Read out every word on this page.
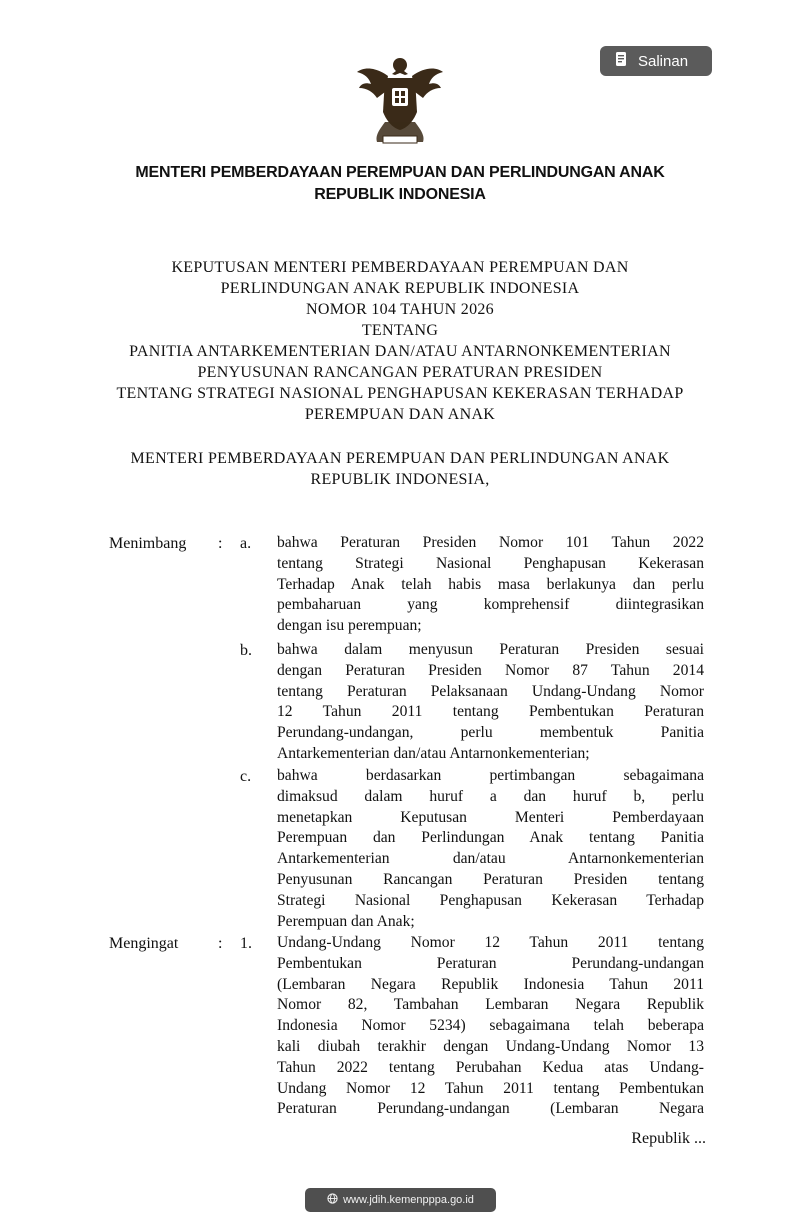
Salinan
MENTERI PEMBERDAYAAN PEREMPUAN DAN PERLINDUNGAN ANAK
REPUBLIK INDONESIA
KEPUTUSAN MENTERI PEMBERDAYAAN PEREMPUAN DAN
PERLINDUNGAN ANAK REPUBLIK INDONESIA
NOMOR 104 TAHUN 2026
TENTANG
PANITIA ANTARKEMENTERIAN DAN/ATAU ANTARNONKEMENTERIAN
PENYUSUNAN RANCANGAN PERATURAN PRESIDEN
TENTANG STRATEGI NASIONAL PENGHAPUSAN KEKERASAN TERHADAP
PEREMPUAN DAN ANAK
MENTERI PEMBERDAYAAN PEREMPUAN DAN PERLINDUNGAN ANAK
REPUBLIK INDONESIA,
Menimbang : a. bahwa Peraturan Presiden Nomor 101 Tahun 2022
tentang Strategi Nasional Penghapusan Kekerasan
Terhadap Anak telah habis masa berlakunya dan perlu
pembaharuan yang komprehensif diintegrasikan
dengan isu perempuan;
b. bahwa dalam menyusun Peraturan Presiden sesuai
dengan Peraturan Presiden Nomor 87 Tahun 2014
tentang Peraturan Pelaksanaan Undang-Undang Nomor
12 Tahun 2011 tentang Pembentukan Peraturan
Perundang-undangan, perlu membentuk Panitia
Antarkementerian dan/atau Antarnonkementerian;
c. bahwa berdasarkan pertimbangan sebagaimana
dimaksud dalam huruf a dan huruf b, perlu
menetapkan Keputusan Menteri Pemberdayaan
Perempuan dan Perlindungan Anak tentang Panitia
Antarkementerian dan/atau Antarnonkementerian
Penyusunan Rancangan Peraturan Presiden tentang
Strategi Nasional Penghapusan Kekerasan Terhadap
Perempuan dan Anak;
Mengingat : 1. Undang-Undang Nomor 12 Tahun 2011 tentang
Pembentukan Peraturan Perundang-undangan
(Lembaran Negara Republik Indonesia Tahun 2011
Nomor 82, Tambahan Lembaran Negara Republik
Indonesia Nomor 5234) sebagaimana telah beberapa
kali diubah terakhir dengan Undang-Undang Nomor 13
Tahun 2022 tentang Perubahan Kedua atas Undang-
Undang Nomor 12 Tahun 2011 tentang Pembentukan
Peraturan Perundang-undangan (Lembaran Negara
Republik ...
www.jdih.kemenpppa.go.id
